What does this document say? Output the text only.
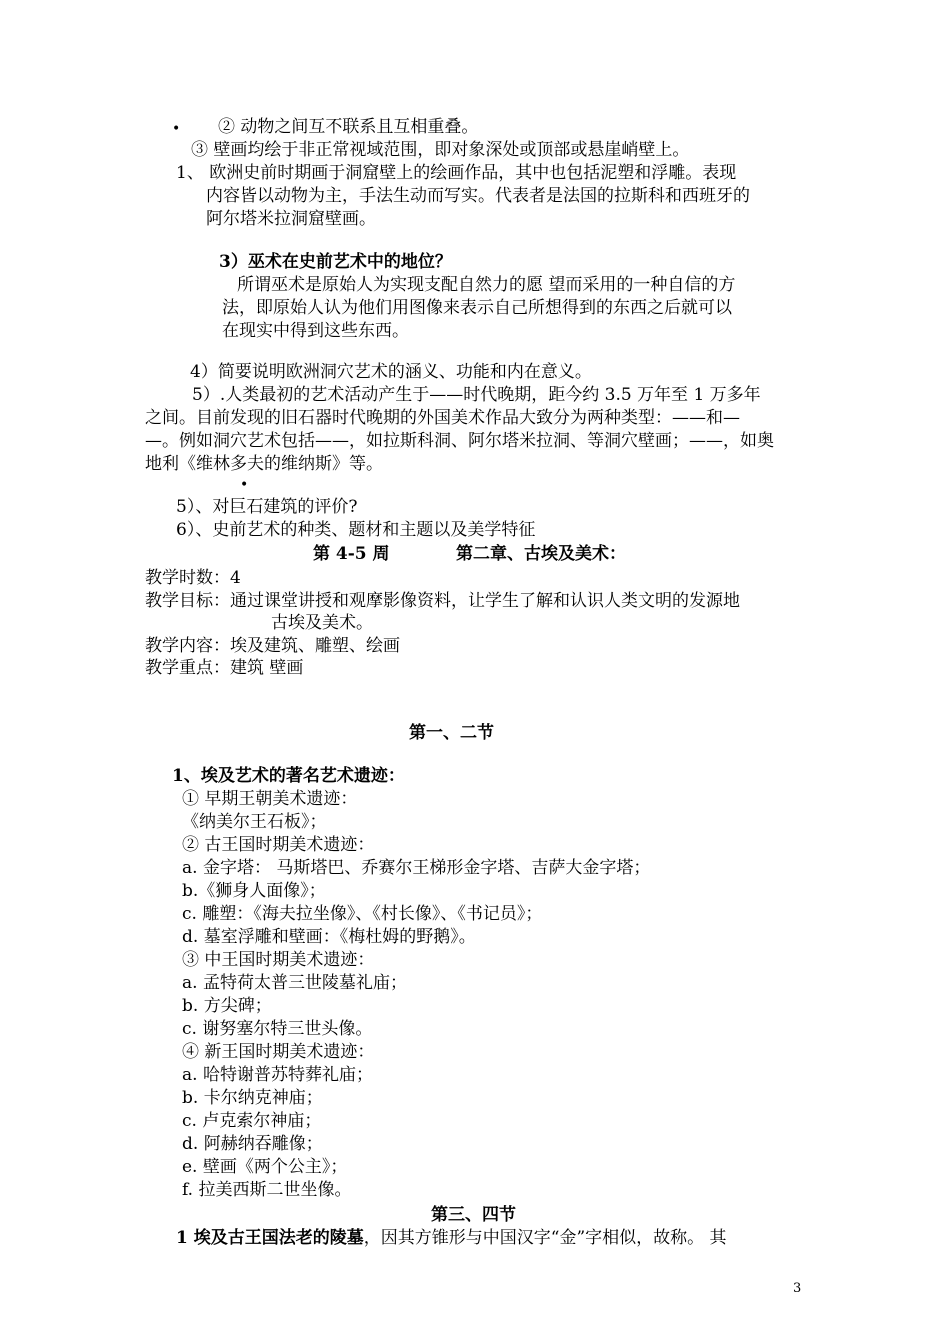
• ② 动物之间互不联系且互相重叠。
③ 壁画均绘于非正常视域范围，即对象深处或顶部或悬崖峭壁上。
1、 欧洲史前时期画于洞窟壁上的绘画作品，其中也包括泥塑和浮雕。表现
内容皆以动物为主，手法生动而写实。代表者是法国的拉斯科和西班牙的
阿尔塔米拉洞窟壁画。
3）巫术在史前艺术中的地位？
所谓巫术是原始人为实现支配自然力的愿 望而采用的一种自信的方
法，即原始人认为他们用图像来表示自己所想得到的东西之后就可以
在现实中得到这些东西。
4）简要说明欧洲洞穴艺术的涵义、功能和内在意义。
5）.人类最初的艺术活动产生于——时代晚期，距今约 3.5 万年至 1 万多年
之间。目前发现的旧石器时代晚期的外国美术作品大致分为两种类型：——和—
—。例如洞穴艺术包括——，如拉斯科洞、阿尔塔米拉洞、等洞穴壁画；——，如奥
地利《维林多夫的维纳斯》等。
•
5）、对巨石建筑的评价?
6）、史前艺术的种类、题材和主题以及美学特征
第 4-5 周	第二章、古埃及美术：
教学时数：4
教学目标：通过课堂讲授和观摩影像资料，让学生了解和认识人类文明的发源地
古埃及美术。
教学内容：埃及建筑、雕塑、绘画
教学重点：建筑 壁画
第一、二节
1、埃及艺术的著名艺术遗迹：
① 早期王朝美术遗迹：
《纳美尔王石板》；
② 古王国时期美术遗迹：
a. 金字塔： 马斯塔巴、乔赛尔王梯形金字塔、吉萨大金字塔；
b.《狮身人面像》；
c. 雕塑：《海夫拉坐像》、《村长像》、《书记员》；
d. 墓室浮雕和壁画：《梅杜姆的野鹅》。
③ 中王国时期美术遗迹：
a. 孟特荷太普三世陵墓礼庙；
b. 方尖碑；
c. 谢努塞尔特三世头像。
④ 新王国时期美术遗迹：
a. 哈特谢普苏特葬礼庙；
b. 卡尔纳克神庙；
c. 卢克索尔神庙；
d. 阿赫纳吞雕像；
e. 壁画《两个公主》；
f. 拉美西斯二世坐像。
第三、四节
1 埃及古王国法老的陵墓，因其方锥形与中国汉字“金”字相似，故称。 其
3
